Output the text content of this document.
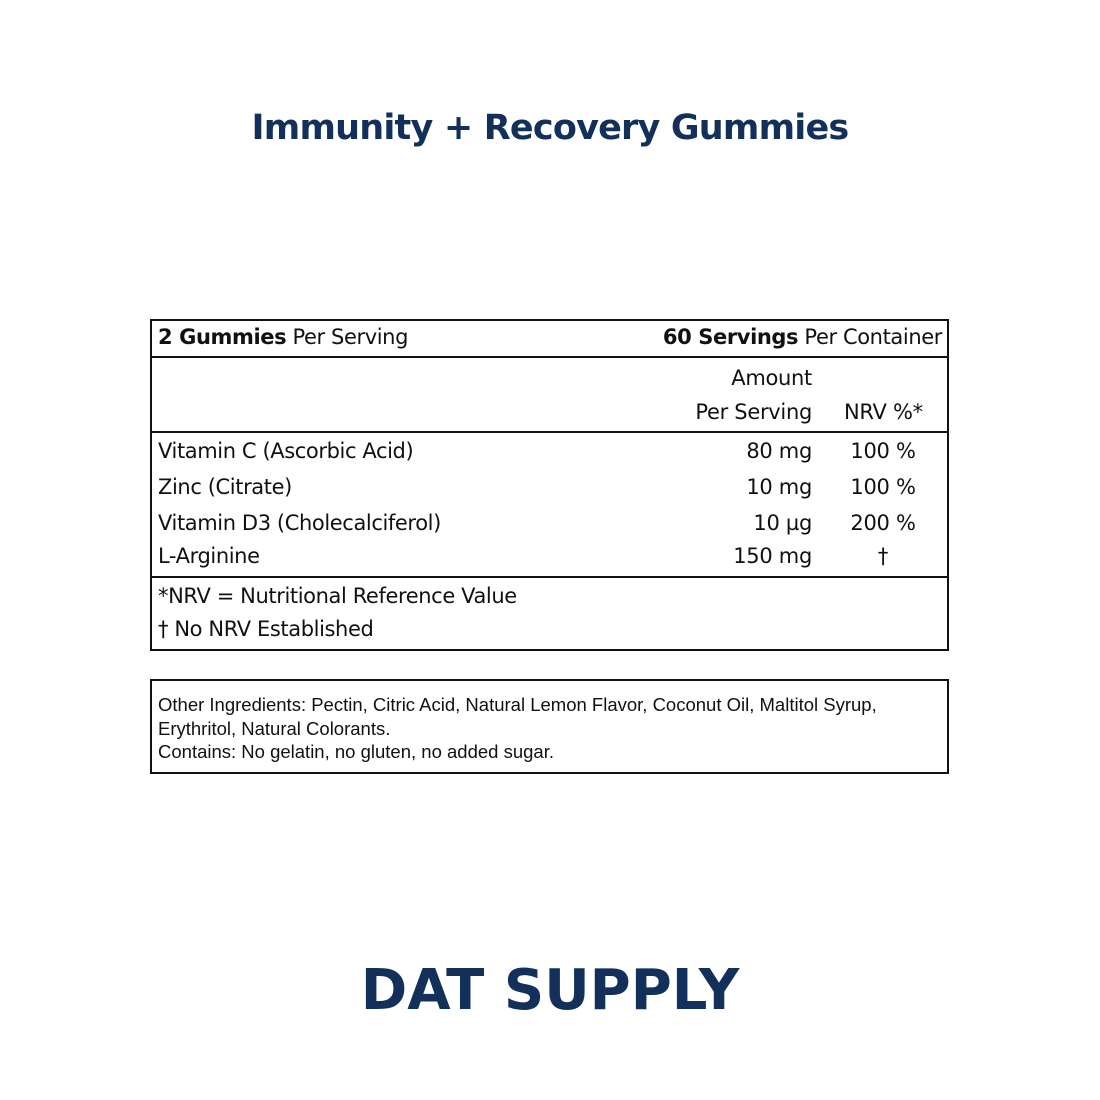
Immunity + Recovery Gummies
2 Gummies Per Serving	60 Servings Per Container
Amount
Per Serving NRV %*
Vitamin C (Ascorbic Acid)	80 mg	100 %
Zinc (Citrate)	10 mg	100 %
Vitamin D3 (Cholecalciferol)	10 µg	200 %
L-Arginine	150 mg	†
*NRV = Nutritional Reference Value
† No NRV Established
Other Ingredients: Pectin, Citric Acid, Natural Lemon Flavor, Coconut Oil, Maltitol Syrup, Erythritol, Natural Colorants.
Contains: No gelatin, no gluten, no added sugar.
DAT SUPPLY
